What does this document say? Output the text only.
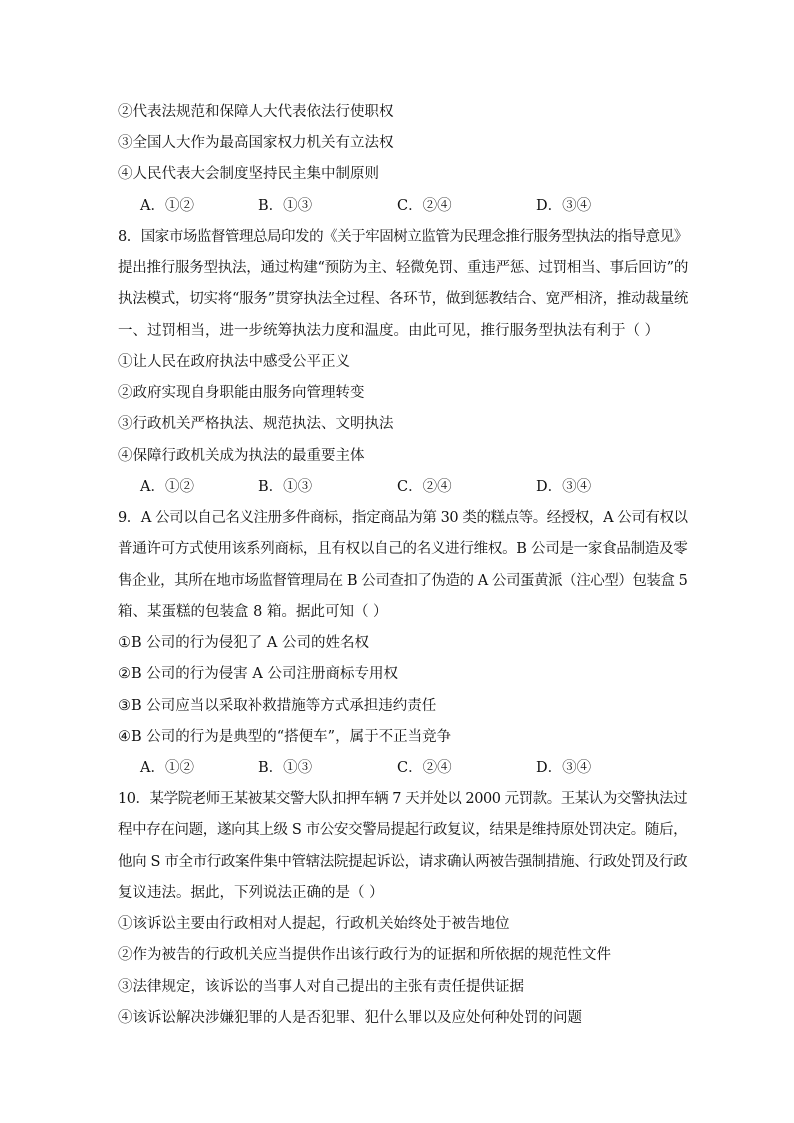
②代表法规范和保障人大代表依法行使职权
③全国人大作为最高国家权力机关有立法权
④人民代表大会制度坚持民主集中制原则
A．①②	B．①③	C．②④	D．③④
8．国家市场监督管理总局印发的《关于牢固树立监管为民理念推行服务型执法的指导意见》
提出推行服务型执法，通过构建“预防为主、轻微免罚、重违严惩、过罚相当、事后回访”的
执法模式，切实将“服务”贯穿执法全过程、各环节，做到惩教结合、宽严相济，推动裁量统
一、过罚相当，进一步统筹执法力度和温度。由此可见，推行服务型执法有利于（ ）
①让人民在政府执法中感受公平正义
②政府实现自身职能由服务向管理转变
③行政机关严格执法、规范执法、文明执法
④保障行政机关成为执法的最重要主体
A．①②	B．①③	C．②④	D．③④
9．A 公司以自己名义注册多件商标，指定商品为第 30 类的糕点等。经授权，A 公司有权以
普通许可方式使用该系列商标，且有权以自己的名义进行维权。B 公司是一家食品制造及零
售企业，其所在地市场监督管理局在 B 公司查扣了伪造的 A 公司蛋黄派（注心型）包装盒 5
箱、某蛋糕的包装盒 8 箱。据此可知（ ）
①B 公司的行为侵犯了 A 公司的姓名权
②B 公司的行为侵害 A 公司注册商标专用权
③B 公司应当以采取补救措施等方式承担违约责任
④B 公司的行为是典型的“搭便车”，属于不正当竞争
A．①②	B．①③	C．②④	D．③④
10．某学院老师王某被某交警大队扣押车辆 7 天并处以 2000 元罚款。王某认为交警执法过
程中存在问题，遂向其上级 S 市公安交警局提起行政复议，结果是维持原处罚决定。随后，
他向 S 市全市行政案件集中管辖法院提起诉讼，请求确认两被告强制措施、行政处罚及行政
复议违法。据此，下列说法正确的是（ ）
①该诉讼主要由行政相对人提起，行政机关始终处于被告地位
②作为被告的行政机关应当提供作出该行政行为的证据和所依据的规范性文件
③法律规定，该诉讼的当事人对自己提出的主张有责任提供证据
④该诉讼解决涉嫌犯罪的人是否犯罪、犯什么罪以及应处何种处罚的问题
